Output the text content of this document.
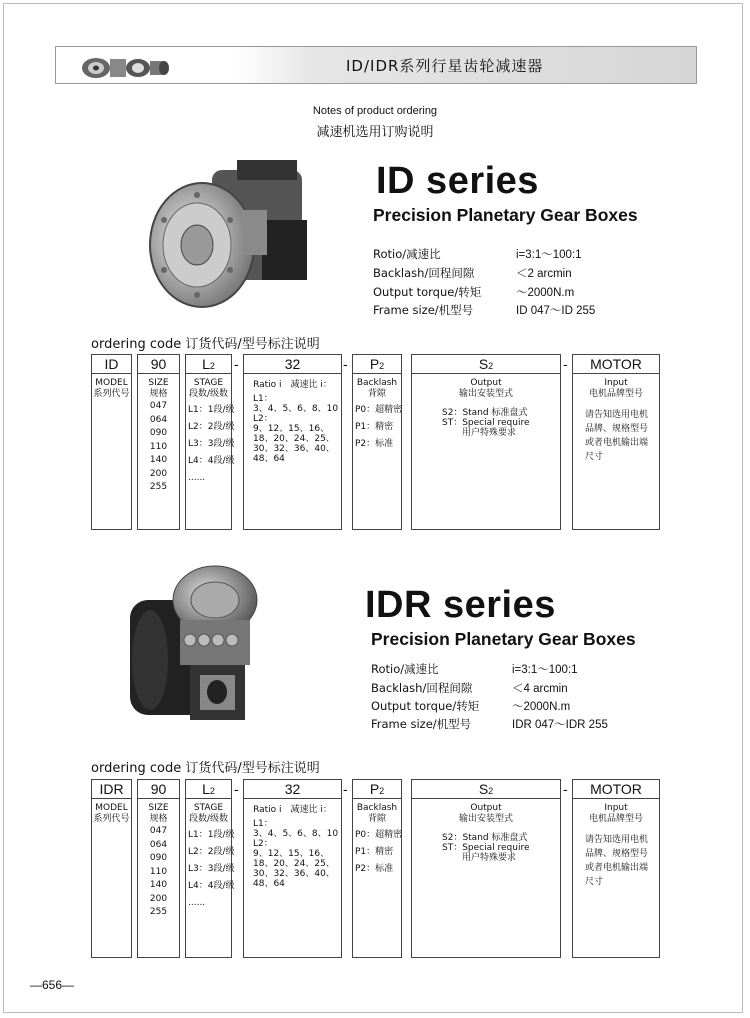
ID/IDR系列行星齿轮减速器
Notes of product ordering
减速机选用订购说明
ID series
Precision Planetary Gear Boxes
Rotio/减速比	i=3:1～100:1
Backlash/回程间隙	＜2 arcmin
Output torque/转矩	～2000N.m
Frame size/机型号	ID 047～ID 255
ordering code 订货代码/型号标注说明
ID	90	L2	-	32	-	P2	S2	-	MOTOR
MODEL
系列代号
SIZE
规格
047
064
090
110
140
200
255
STAGE
段数/级数
L1：1段/级
L2：2段/级
L3：3段/级
L4：4段/级
......
Ratio i　减速比 i：
L1：
3、4、5、6、8、10
L2：
9、12、15、16、
18、20、24、25、
30、32、36、40、
48、64
Backlash
背隙
P0：超精密
P1：精密
P2：标准
Output
输出安装型式
S2：Stand 标准盘式
ST：Special require
用户特殊要求
Input
电机品牌型号
请告知选用电机
品牌、规格型号
或者电机输出端
尺寸
IDR series
Precision Planetary Gear Boxes
Rotio/减速比	i=3:1～100:1
Backlash/回程间隙	＜4 arcmin
Output torque/转矩	～2000N.m
Frame size/机型号	IDR 047～IDR 255
ordering code 订货代码/型号标注说明
IDR	90	L2	-	32	-	P2	S2	-	MOTOR
MODEL
系列代号
SIZE
规格
047
064
090
110
140
200
255
STAGE
段数/级数
L1：1段/级
L2：2段/级
L3：3段/级
L4：4段/级
......
Ratio i　减速比 i：
L1：
3、4、5、6、8、10
L2：
9、12、15、16、
18、20、24、25、
30、32、36、40、
48、64
Backlash
背隙
P0：超精密
P1：精密
P2：标准
Output
输出安装型式
S2：Stand 标准盘式
ST：Special require
用户特殊要求
Input
电机品牌型号
请告知选用电机
品牌、规格型号
或者电机输出端
尺寸
—656—
